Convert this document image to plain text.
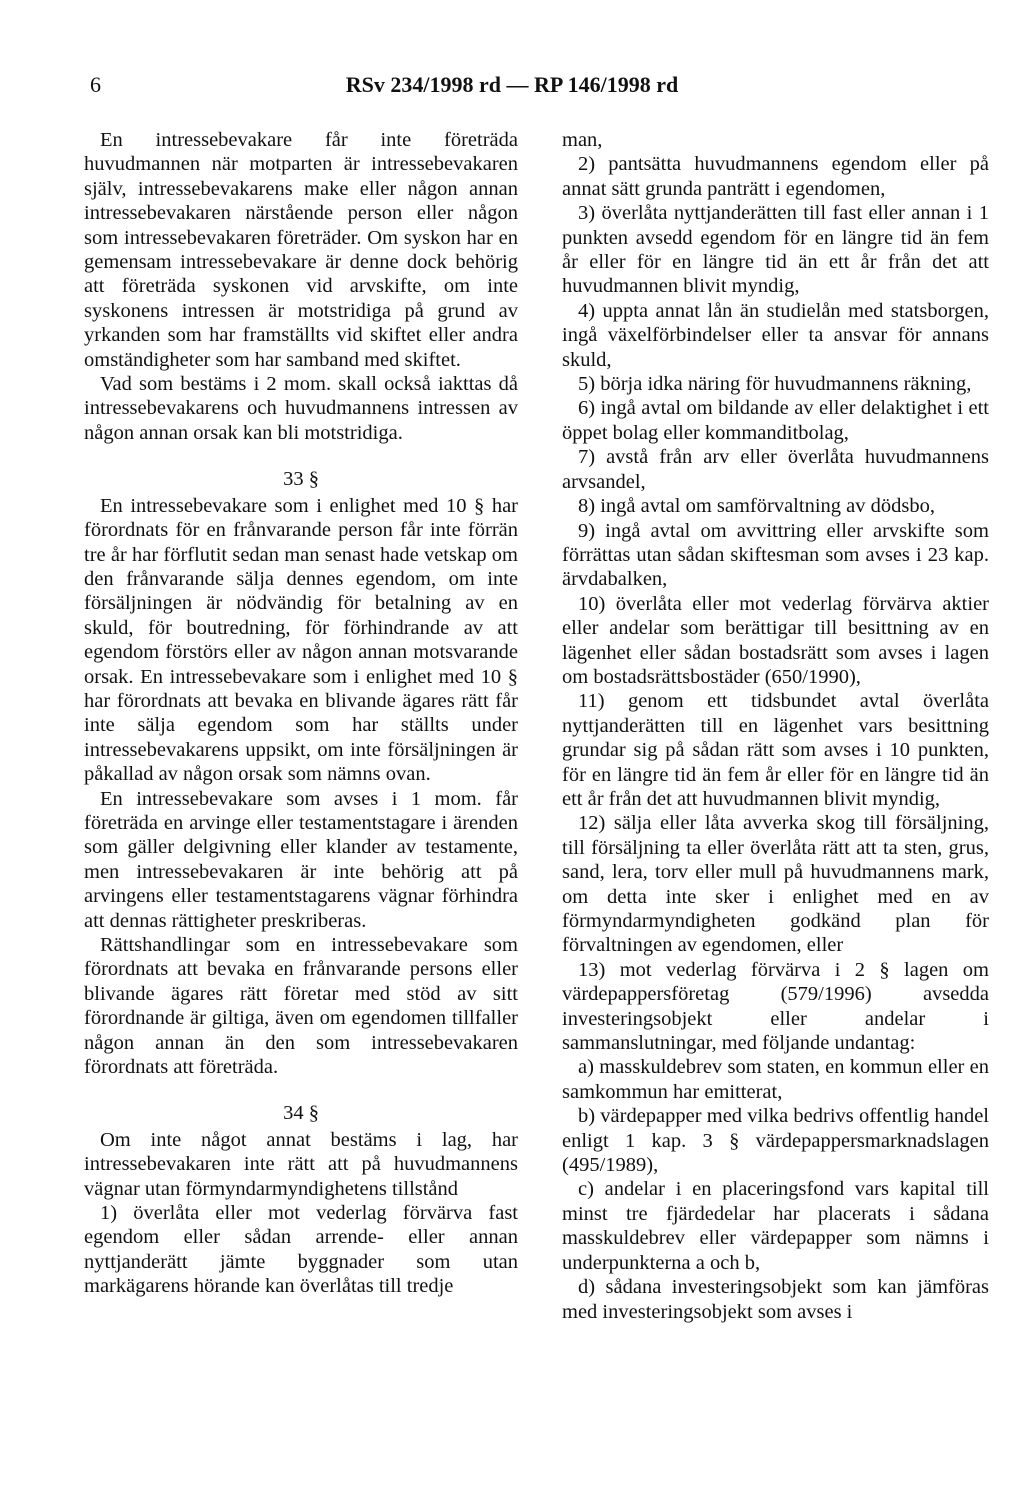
6	RSv 234/1998 rd — RP 146/1998 rd

En intressebevakare får inte företräda huvudmannen när motparten är intressebevakaren själv, intressebevakarens make eller någon annan intressebevakaren närstående person eller någon som intressebevakaren företräder. Om syskon har en gemensam intressebevakare är denne dock behörig att företräda syskonen vid arvskifte, om inte syskonens intressen är motstridiga på grund av yrkanden som har framställts vid skiftet eller andra omständigheter som har samband med skiftet.

Vad som bestäms i 2 mom. skall också iakttas då intressebevakarens och huvudmannens intressen av någon annan orsak kan bli motstridiga.

33 §

En intressebevakare som i enlighet med 10 § har förordnats för en frånvarande person får inte förrän tre år har förflutit sedan man senast hade vetskap om den frånvarande sälja dennes egendom, om inte försäljningen är nödvändig för betalning av en skuld, för boutredning, för förhindrande av att egendom förstörs eller av någon annan motsvarande orsak. En intressebevakare som i enlighet med 10 § har förordnats att bevaka en blivande ägares rätt får inte sälja egendom som har ställts under intressebevakarens uppsikt, om inte försäljningen är påkallad av någon orsak som nämns ovan.

En intressebevakare som avses i 1 mom. får företräda en arvinge eller testamentstagare i ärenden som gäller delgivning eller klander av testamente, men intressebevakaren är inte behörig att på arvingens eller testamentstagarens vägnar förhindra att dennas rättigheter preskriberas.

Rättshandlingar som en intressebevakare som förordnats att bevaka en frånvarande persons eller blivande ägares rätt företar med stöd av sitt förordnande är giltiga, även om egendomen tillfaller någon annan än den som intressebevakaren förordnats att företräda.

34 §

Om inte något annat bestäms i lag, har intressebevakaren inte rätt att på huvudmannens vägnar utan förmyndarmyndighetens tillstånd

1) överlåta eller mot vederlag förvärva fast egendom eller sådan arrende- eller annan nyttjanderätt jämte byggnader som utan markägarens hörande kan överlåtas till tredje

man,

2) pantsätta huvudmannens egendom eller på annat sätt grunda panträtt i egendomen,

3) överlåta nyttjanderätten till fast eller annan i 1 punkten avsedd egendom för en längre tid än fem år eller för en längre tid än ett år från det att huvudmannen blivit myndig,

4) uppta annat lån än studielån med statsborgen, ingå växelförbindelser eller ta ansvar för annans skuld,

5) börja idka näring för huvudmannens räkning,

6) ingå avtal om bildande av eller delaktighet i ett öppet bolag eller kommanditbolag,

7) avstå från arv eller överlåta huvudmannens arvsandel,

8) ingå avtal om samförvaltning av dödsbo,

9) ingå avtal om avvittring eller arvskifte som förrättas utan sådan skiftesman som avses i 23 kap. ärvdabalken,

10) överlåta eller mot vederlag förvärva aktier eller andelar som berättigar till besittning av en lägenhet eller sådan bostadsrätt som avses i lagen om bostadsrättsbostäder (650/1990),

11) genom ett tidsbundet avtal överlåta nyttjanderätten till en lägenhet vars besittning grundar sig på sådan rätt som avses i 10 punkten, för en längre tid än fem år eller för en längre tid än ett år från det att huvudmannen blivit myndig,

12) sälja eller låta avverka skog till försäljning, till försäljning ta eller överlåta rätt att ta sten, grus, sand, lera, torv eller mull på huvudmannens mark, om detta inte sker i enlighet med en av förmyndarmyndigheten godkänd plan för förvaltningen av egendomen, eller

13) mot vederlag förvärva i 2 § lagen om värdepappersföretag (579/1996) avsedda investeringsobjekt eller andelar i sammanslutningar, med följande undantag:

a) masskuldebrev som staten, en kommun eller en samkommun har emitterat,

b) värdepapper med vilka bedrivs offentlig handel enligt 1 kap. 3 § värdepappersmarknadslagen (495/1989),

c) andelar i en placeringsfond vars kapital till minst tre fjärdedelar har placerats i sådana masskuldebrev eller värdepapper som nämns i underpunkterna a och b,

d) sådana investeringsobjekt som kan jämföras med investeringsobjekt som avses i
